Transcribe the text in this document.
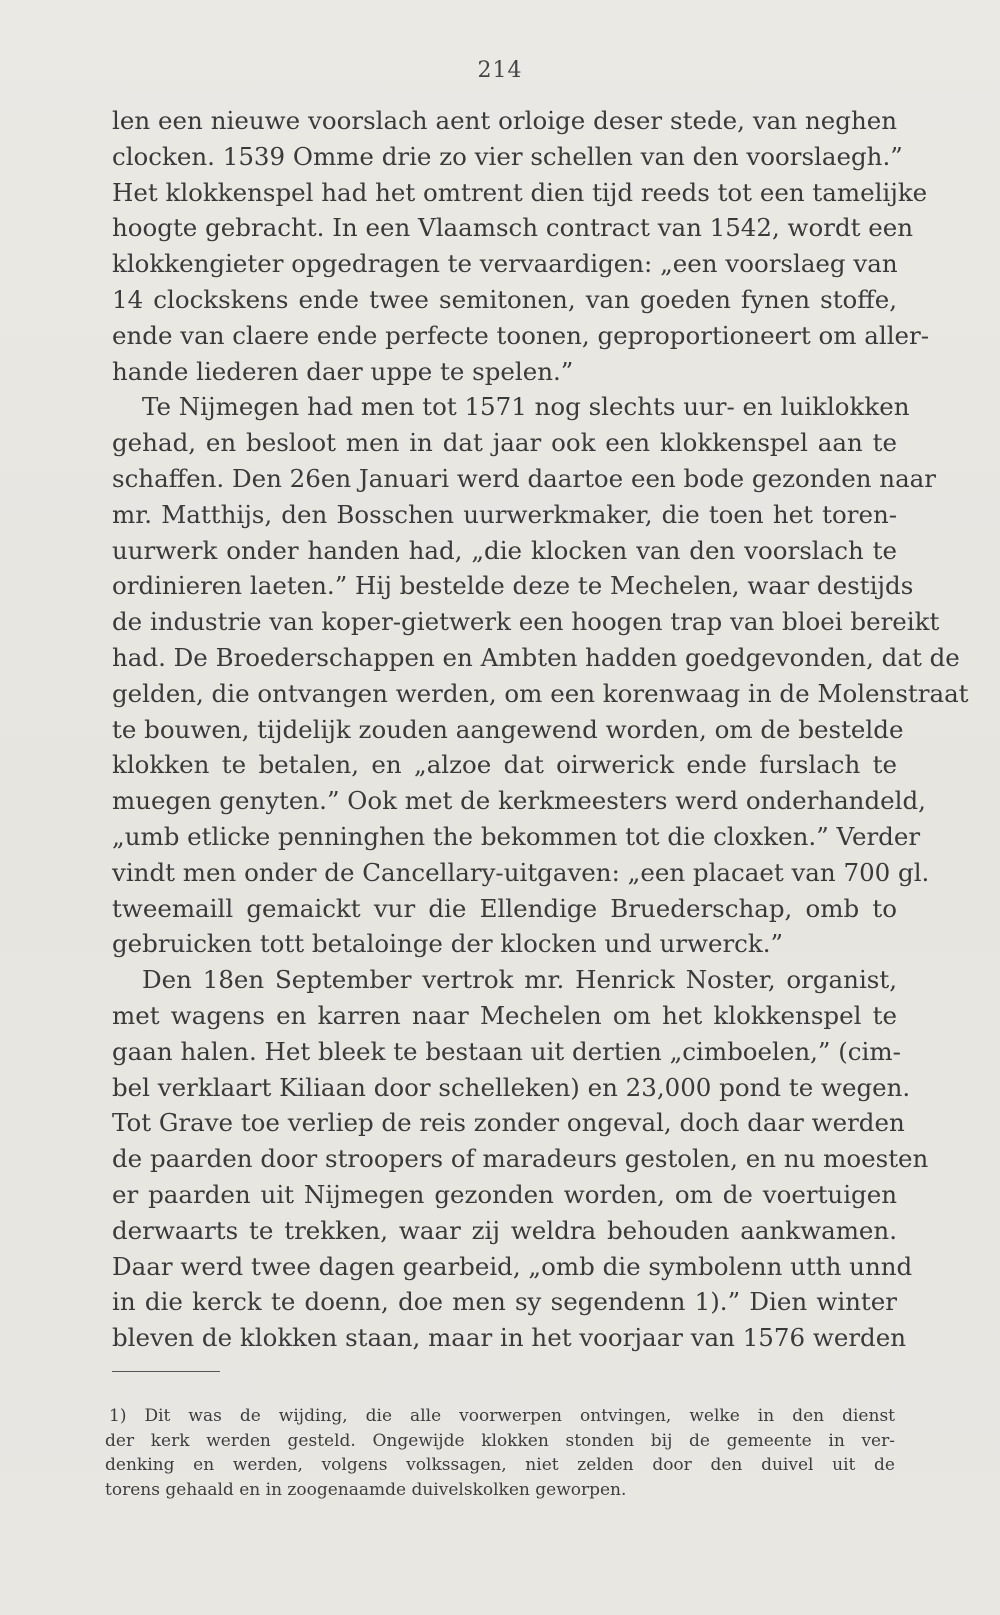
214
len een nieuwe voorslach aent orloige deser stede, van neghen
clocken. 1539 Omme drie zo vier schellen van den voorslaegh.”
Het klokkenspel had het omtrent dien tijd reeds tot een tamelijke
hoogte gebracht. In een Vlaamsch contract van 1542, wordt een
klokkengieter opgedragen te vervaardigen: „een voorslaeg van
14 clockskens ende twee semitonen, van goeden fynen stoffe,
ende van claere ende perfecte toonen, geproportioneert om aller-
hande liederen daer uppe te spelen.”
Te Nijmegen had men tot 1571 nog slechts uur- en luiklokken
gehad, en besloot men in dat jaar ook een klokkenspel aan te
schaffen. Den 26en Januari werd daartoe een bode gezonden naar
mr. Matthijs, den Bosschen uurwerkmaker, die toen het toren-
uurwerk onder handen had, „die klocken van den voorslach te
ordinieren laeten.” Hij bestelde deze te Mechelen, waar destijds
de industrie van koper-gietwerk een hoogen trap van bloei bereikt
had. De Broederschappen en Ambten hadden goedgevonden, dat de
gelden, die ontvangen werden, om een korenwaag in de Molenstraat
te bouwen, tijdelijk zouden aangewend worden, om de bestelde
klokken te betalen, en „alzoe dat oirwerick ende furslach te
muegen genyten.” Ook met de kerkmeesters werd onderhandeld,
„umb etlicke penninghen the bekommen tot die cloxken.” Verder
vindt men onder de Cancellary-uitgaven: „een placaet van 700 gl.
tweemaill gemaickt vur die Ellendige Bruederschap, omb to
gebruicken tott betaloinge der klocken und urwerck.”
Den 18en September vertrok mr. Henrick Noster, organist,
met wagens en karren naar Mechelen om het klokkenspel te
gaan halen. Het bleek te bestaan uit dertien „cimboelen,” (cim-
bel verklaart Kiliaan door schelleken) en 23,000 pond te wegen.
Tot Grave toe verliep de reis zonder ongeval, doch daar werden
de paarden door stroopers of maradeurs gestolen, en nu moesten
er paarden uit Nijmegen gezonden worden, om de voertuigen
derwaarts te trekken, waar zij weldra behouden aankwamen.
Daar werd twee dagen gearbeid, „omb die symbolenn utth unnd
in die kerck te doenn, doe men sy segendenn 1).” Dien winter
bleven de klokken staan, maar in het voorjaar van 1576 werden
1) Dit was de wijding, die alle voorwerpen ontvingen, welke in den dienst
der kerk werden gesteld. Ongewijde klokken stonden bij de gemeente in ver-
denking en werden, volgens volkssagen, niet zelden door den duivel uit de
torens gehaald en in zoogenaamde duivelskolken geworpen.
